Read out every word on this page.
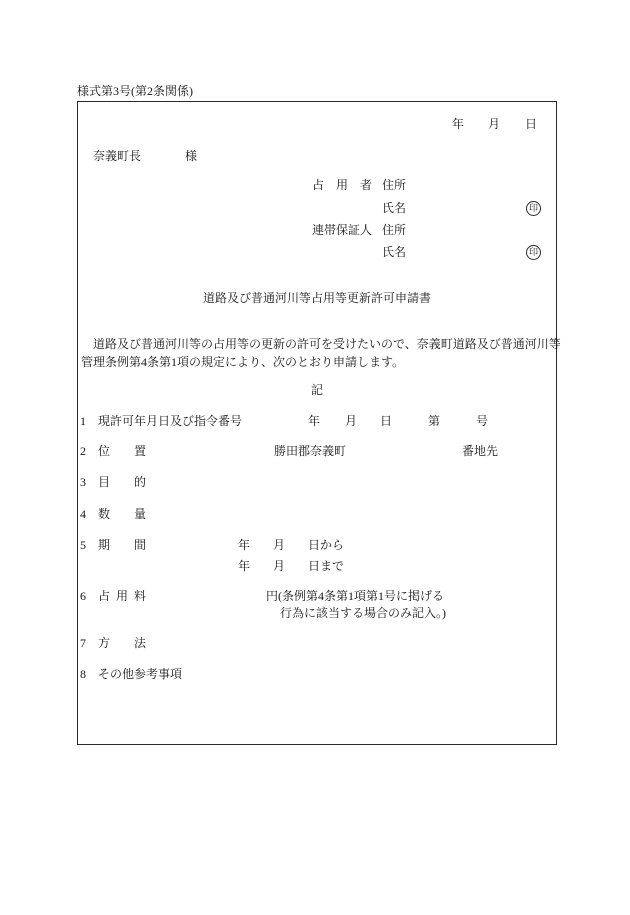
様式第3号(第2条関係)
年 月 日
奈義町長	様
占　用　者 住所
氏名	印
連帯保証人 住所
氏名	印
道路及び普通河川等占用等更新許可申請書
　道路及び普通河川等の占用等の更新の許可を受けたいので、奈義町道路及び普通河川等
管理条例第4条第1項の規定により、次のとおり申請します。
記
1 現許可年月日及び指令番号	年 月 日	第	号
2 位　　置	勝田郡奈義町	番地先
3 目　　的
4 数　　量
5 期　　間	年 月 日から
年 月 日まで
6 占 用 料	円(条例第4条第1項第1号に掲げる
行為に該当する場合のみ記入。)
7 方　　法
8 その他参考事項
